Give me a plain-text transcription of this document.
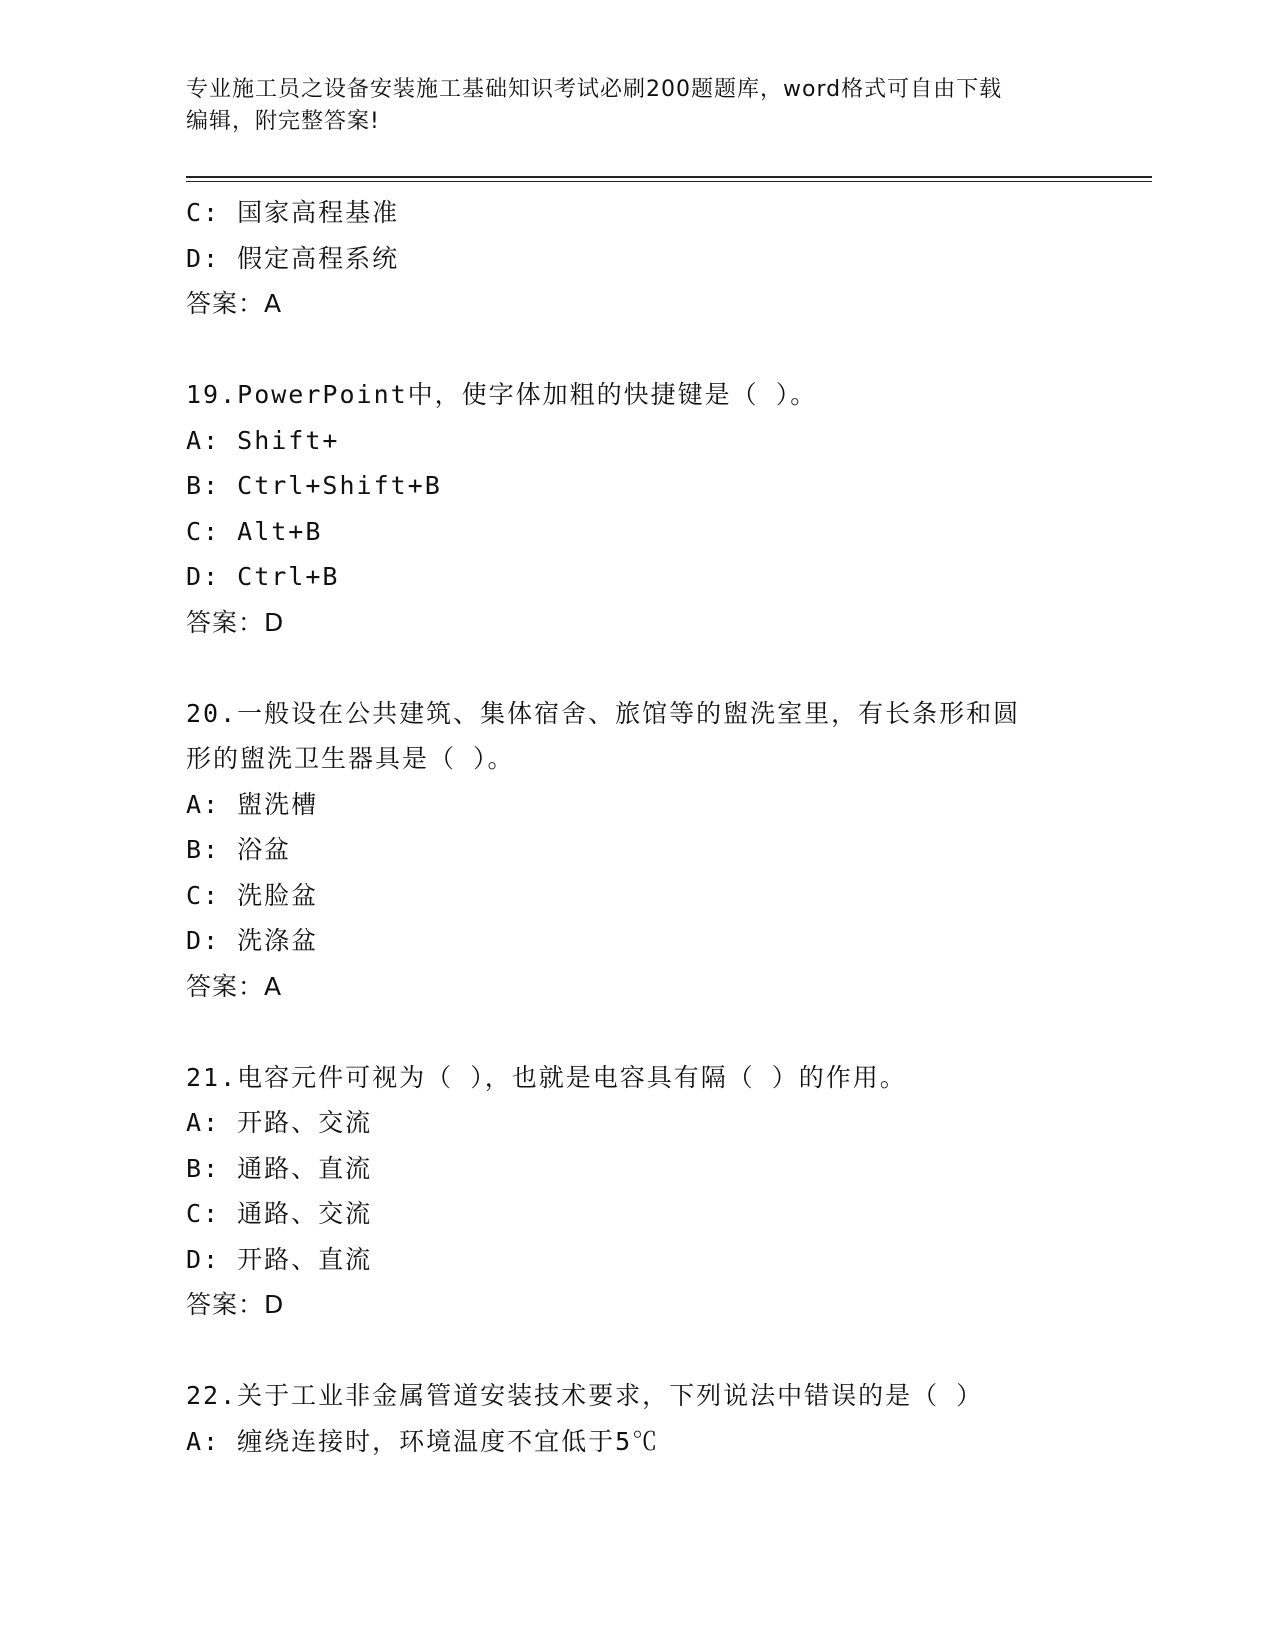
专业施工员之设备安装施工基础知识考试必刷200题题库，word格式可自由下载
编辑，附完整答案!
C: 国家高程基准
D: 假定高程系统
答案：A
19.PowerPoint中，使字体加粗的快捷键是（ ）。
A: Shift+
B: Ctrl+Shift+B
C: Alt+B
D: Ctrl+B
答案：D
20.一般设在公共建筑、集体宿舍、旅馆等的盥洗室里，有长条形和圆
形的盥洗卫生器具是（ ）。
A: 盥洗槽
B: 浴盆
C: 洗脸盆
D: 洗涤盆
答案：A
21.电容元件可视为（ ），也就是电容具有隔（ ）的作用。
A: 开路、交流
B: 通路、直流
C: 通路、交流
D: 开路、直流
答案：D
22.关于工业非金属管道安装技术要求，下列说法中错误的是（ ）
A: 缠绕连接时，环境温度不宜低于5℃
